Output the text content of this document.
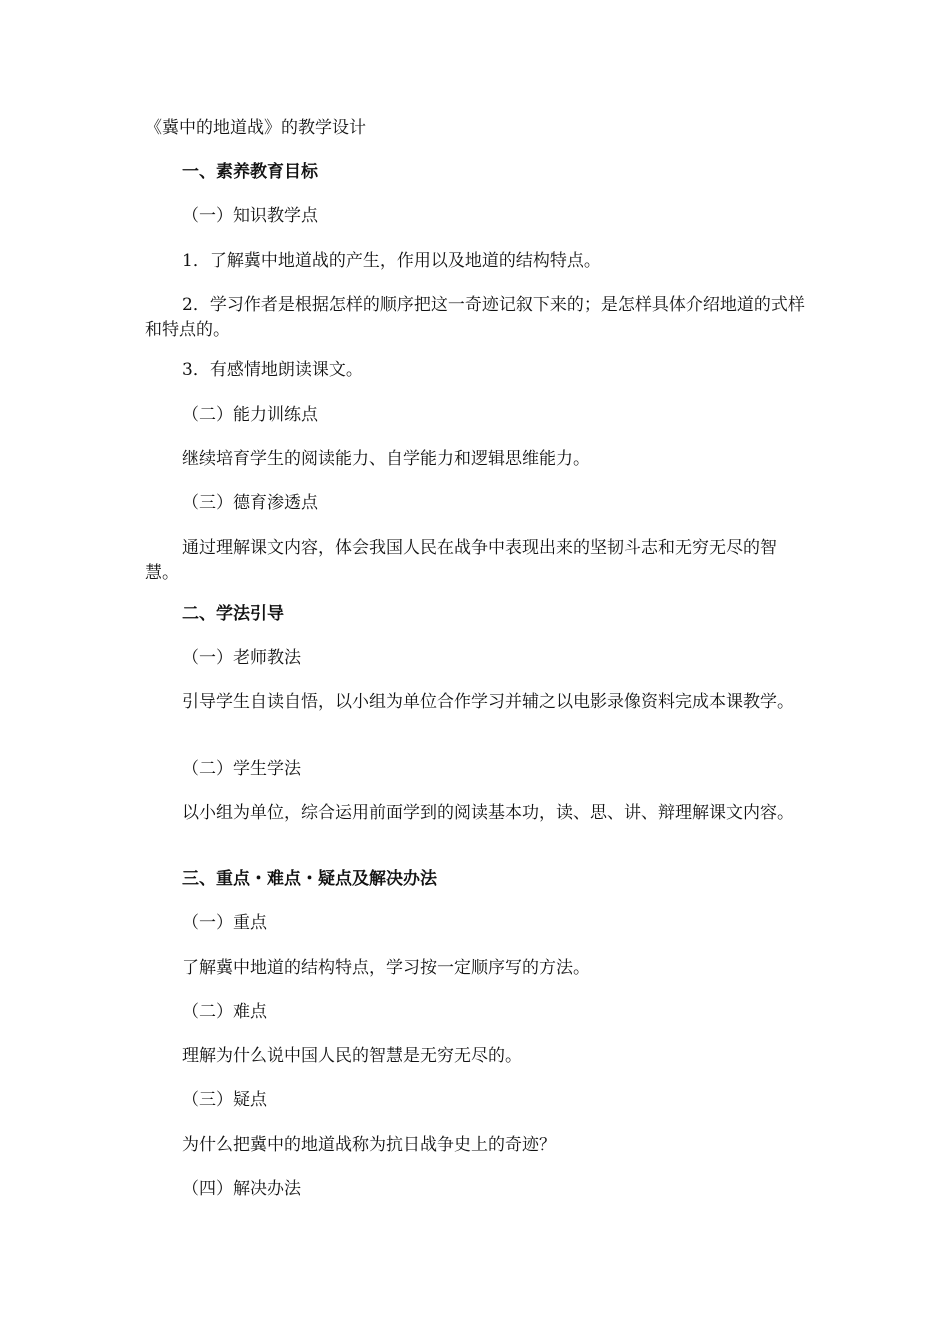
《冀中的地道战》的教学设计
一、素养教育目标
（一）知识教学点
1．了解冀中地道战的产生，作用以及地道的结构特点。
2．学习作者是根据怎样的顺序把这一奇迹记叙下来的；是怎样具体介绍地道的式样和特点的。
3．有感情地朗读课文。
（二）能力训练点
继续培育学生的阅读能力、自学能力和逻辑思维能力。
（三）德育渗透点
通过理解课文内容，体会我国人民在战争中表现出来的坚韧斗志和无穷无尽的智慧。
二、学法引导
（一）老师教法
引导学生自读自悟，以小组为单位合作学习并辅之以电影录像资料完成本课教学。
（二）学生学法
以小组为单位，综合运用前面学到的阅读基本功，读、思、讲、辩理解课文内容。
三、重点・难点・疑点及解决办法
（一）重点
了解冀中地道的结构特点，学习按一定顺序写的方法。
（二）难点
理解为什么说中国人民的智慧是无穷无尽的。
（三）疑点
为什么把冀中的地道战称为抗日战争史上的奇迹？
（四）解决办法
